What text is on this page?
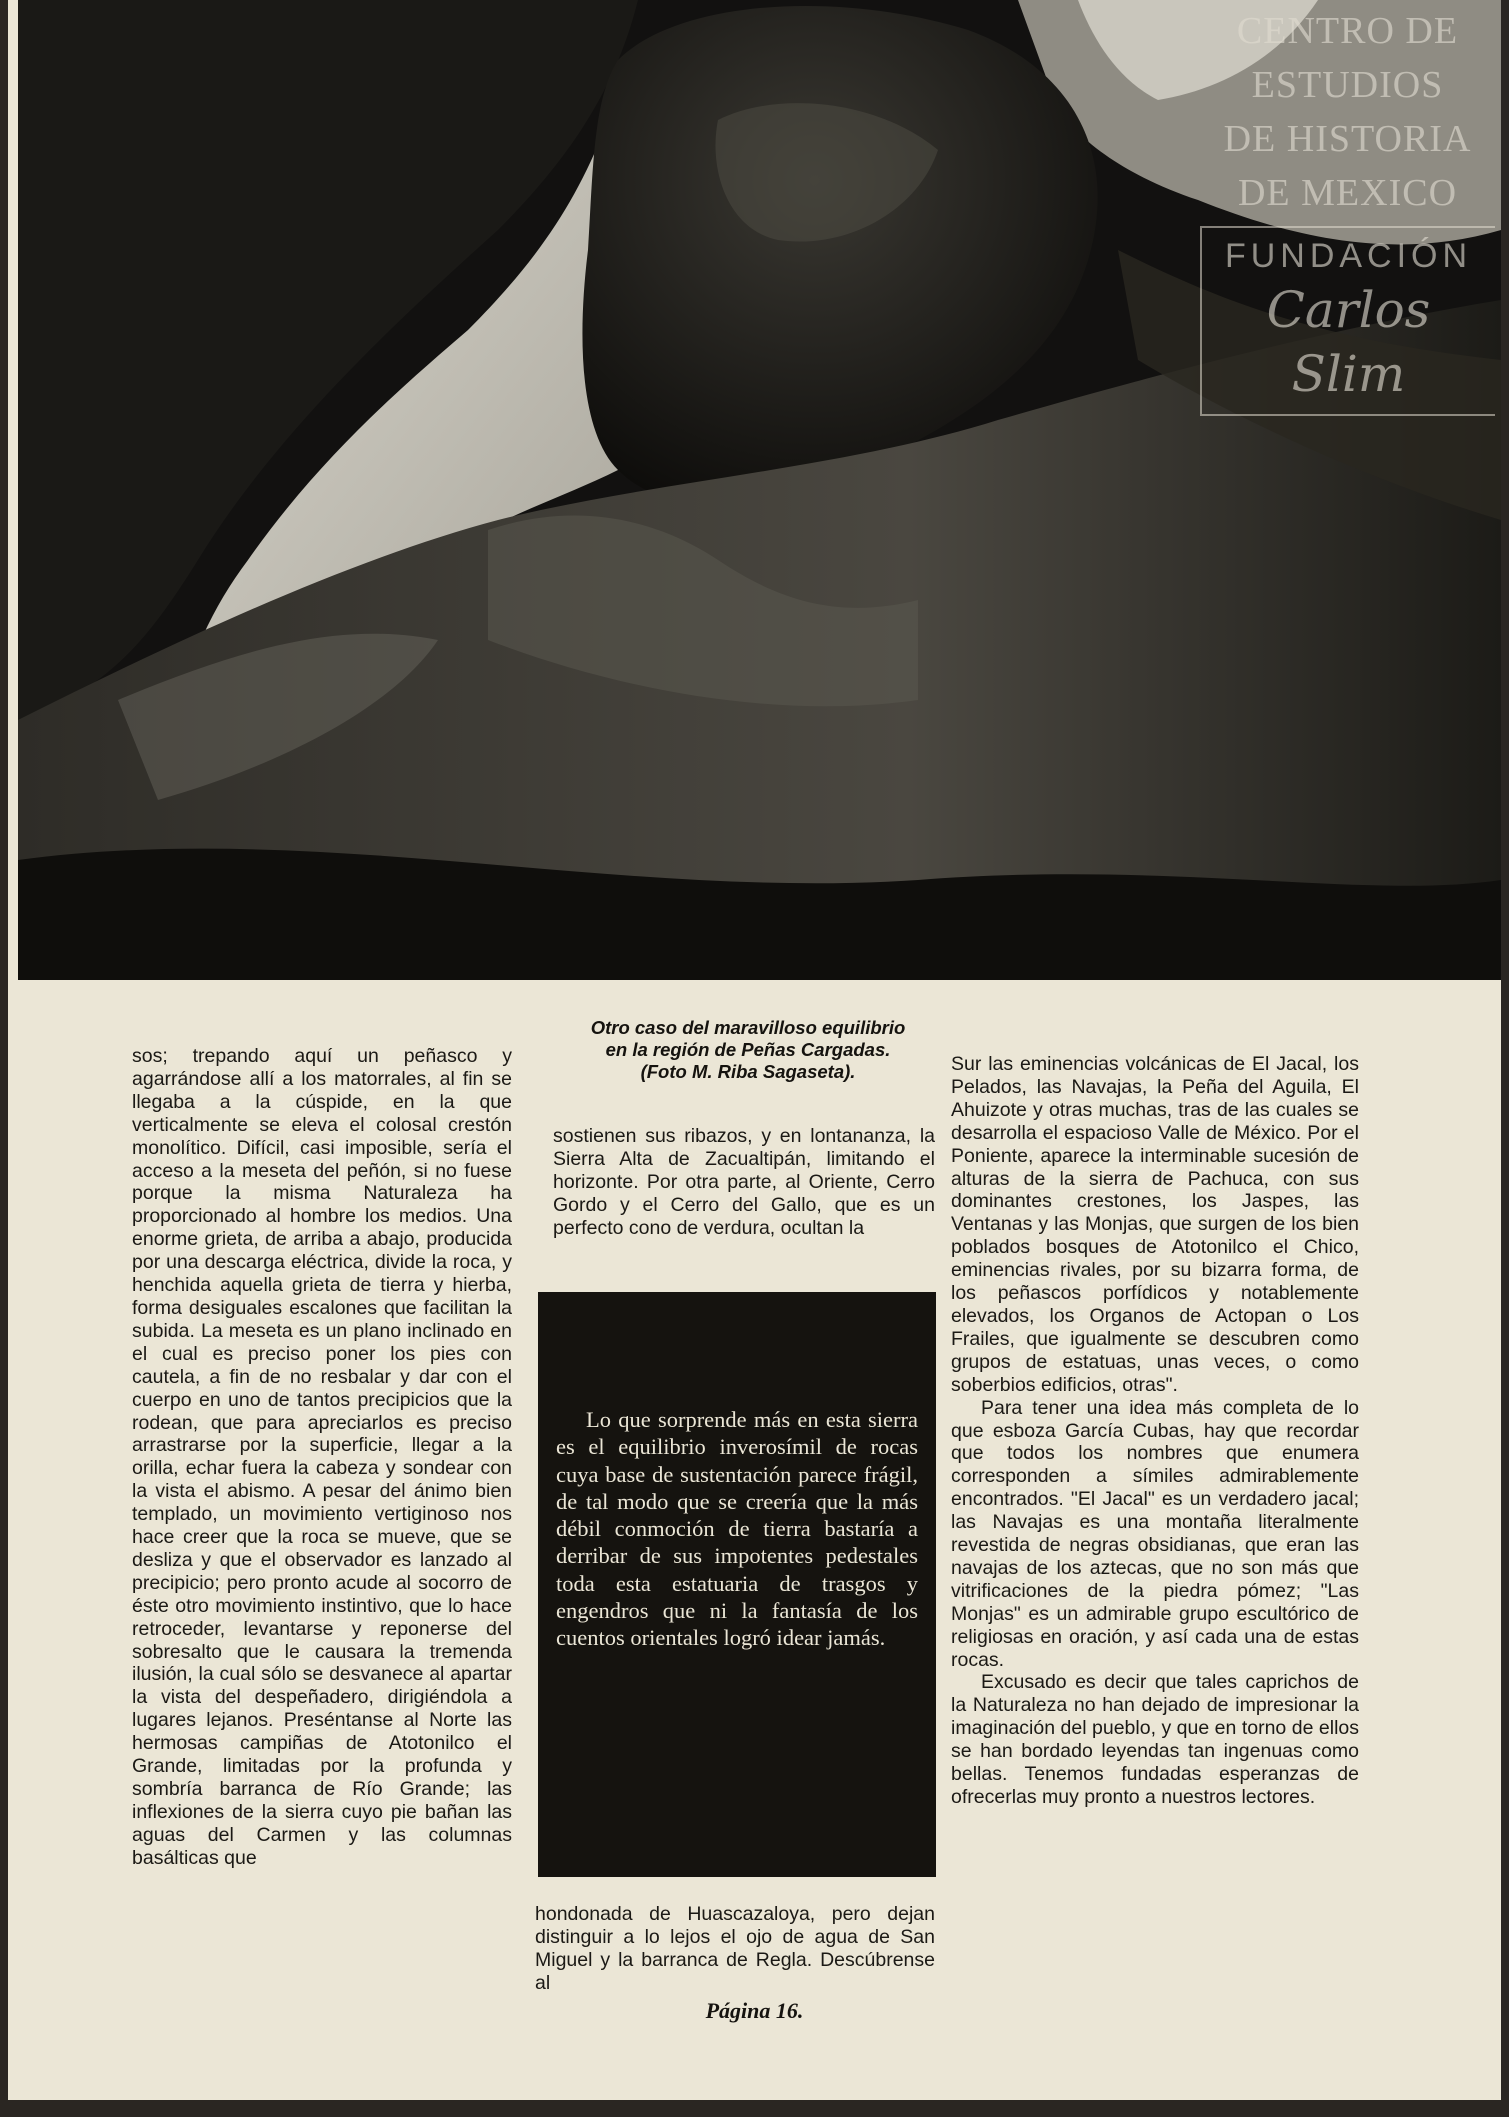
CENTRO DE
ESTUDIOS
DE HISTORIA
DE MEXICO
FUNDACIÓN
Carlos Slim
Otro caso del maravilloso equilibrio
en la región de Peñas Cargadas.
(Foto M. Riba Sagaseta).

sos; trepando aquí un peñasco y agarrándose allí a los matorrales, al fin se llegaba a la cúspide, en la que verticalmente se eleva el colosal crestón monolítico. Difícil, casi imposible, sería el acceso a la meseta del peñón, si no fuese porque la misma Naturaleza ha proporcionado al hombre los medios. Una enorme grieta, de arriba a abajo, producida por una descarga eléctrica, divide la roca, y henchida aquella grieta de tierra y hierba, forma desiguales escalones que facilitan la subida. La meseta es un plano inclinado en el cual es preciso poner los pies con cautela, a fin de no resbalar y dar con el cuerpo en uno de tantos precipicios que la rodean, que para apreciarlos es preciso arrastrarse por la superficie, llegar a la orilla, echar fuera la cabeza y sondear con la vista el abismo. A pesar del ánimo bien templado, un movimiento vertiginoso nos hace creer que la roca se mueve, que se desliza y que el observador es lanzado al precipicio; pero pronto acude al socorro de éste otro movimiento instintivo, que lo hace retroceder, levantarse y reponerse del sobresalto que le causara la tremenda ilusión, la cual sólo se desvanece al apartar la vista del despeñadero, dirigiéndola a lugares lejanos. Preséntanse al Norte las hermosas campiñas de Atotonilco el Grande, limitadas por la profunda y sombría barranca de Río Grande; las inflexiones de la sierra cuyo pie bañan las aguas del Carmen y las columnas basálticas que

sostienen sus ribazos, y en lontananza, la Sierra Alta de Zacualtipán, limitando el horizonte. Por otra parte, al Oriente, Cerro Gordo y el Cerro del Gallo, que es un perfecto cono de verdura, ocultan la

Lo que sorprende más en esta sierra es el equilibrio inverosímil de rocas cuya base de sustentación parece frágil, de tal modo que se creería que la más débil conmoción de tierra bastaría a derribar de sus impotentes pedestales toda esta estatuaria de trasgos y engendros que ni la fantasía de los cuentos orientales logró idear jamás.

hondonada de Huascazaloya, pero dejan distinguir a lo lejos el ojo de agua de San Miguel y la barranca de Regla. Descúbrense al

Sur las eminencias volcánicas de El Jacal, los Pelados, las Navajas, la Peña del Aguila, El Ahuizote y otras muchas, tras de las cuales se desarrolla el espacioso Valle de México. Por el Poniente, aparece la interminable sucesión de alturas de la sierra de Pachuca, con sus dominantes crestones, los Jaspes, las Ventanas y las Monjas, que surgen de los bien poblados bosques de Atotonilco el Chico, eminencias rivales, por su bizarra forma, de los peñascos porfídicos y notablemente elevados, los Organos de Actopan o Los Frailes, que igualmente se descubren como grupos de estatuas, unas veces, o como soberbios edificios, otras".

Para tener una idea más completa de lo que esboza García Cubas, hay que recordar que todos los nombres que enumera corresponden a símiles admirablemente encontrados. "El Jacal" es un verdadero jacal; las Navajas es una montaña literalmente revestida de negras obsidianas, que eran las navajas de los aztecas, que no son más que vitrificaciones de la piedra pómez; "Las Monjas" es un admirable grupo escultórico de religiosas en oración, y así cada una de estas rocas.

Excusado es decir que tales caprichos de la Naturaleza no han dejado de impresionar la imaginación del pueblo, y que en torno de ellos se han bordado leyendas tan ingenuas como bellas. Tenemos fundadas esperanzas de ofrecerlas muy pronto a nuestros lectores.

Página 16.
